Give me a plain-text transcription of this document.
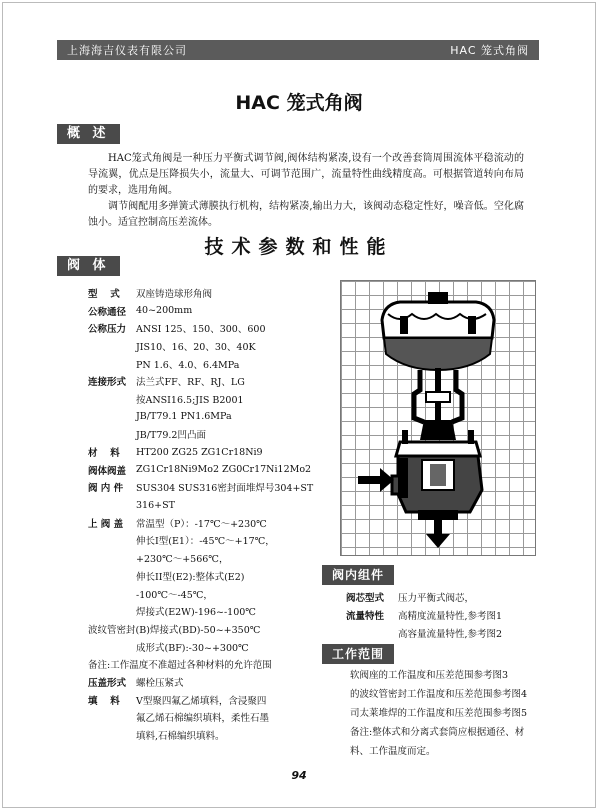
上海海吉仪表有限公司	HAC 笼式角阀
HAC 笼式角阀
概 述

HAC笼式角阀是一种压力平衡式调节阀,阀体结构紧凑,设有一个改善套筒周围流体平稳流动的导流翼，优点是压降损失小，流量大、可调节范围广，流量特性曲线精度高。可根据管道转向布局的要求，选用角阀。

调节阀配用多弹簧式薄膜执行机构，结构紧凑,输出力大，该阀动态稳定性好，噪音低。空化腐蚀小。适宜控制高压差流体。

技术参数和性能
阀 体
型　 式	双座铸造球形角阀
公称通径	40~200mm
公称压力	ANSI 125、150、300、600
JIS10、16、20、30、40K
PN 1.6、4.0、6.4MPa
连接形式	法兰式FF、RF、RJ、LG
按ANSI16.5;JIS B2001
JB/T79.1 PN1.6MPa
JB/T79.2凹凸面
材　 料	HT200 ZG25 ZG1Cr18Ni9
阀体阀盖	ZG1Cr18Ni9Mo2 ZG0Cr17Ni12Mo2
阀 内 件	SUS304 SUS316密封面堆焊号304+ST
316+ST
上 阀 盖	常温型（P）：-17℃～+230℃
伸长I型(E1）：-45℃～+17℃，
+230℃～+566℃，
伸长II型(E2):整体式(E2)
-100℃～-45℃，
焊接式(E2W)-196~-100℃
波纹管密封(B)焊接式(BD)-50~+350℃
成形式(BF):-30~+300℃
备注:工作温度不准超过各种材料的允许范围
压盖形式	螺栓压紧式
填　 料	V型聚四氟乙烯填料，含浸聚四
氟乙烯石棉编织填料，柔性石墨
填料,石棉编织填料。
阀内组件
阀芯型式	压力平衡式阀芯，
流量特性	高精度流量特性,参考图1
高容量流量特性,参考图2
工作范围
软阀座的工作温度和压差范围参考图3
的波纹管密封工作温度和压差范围参考图4
司太莱堆焊的工作温度和压差范围参考图5
备注:整体式和分离式套筒应根据通径、材
料、工作温度而定。
94
